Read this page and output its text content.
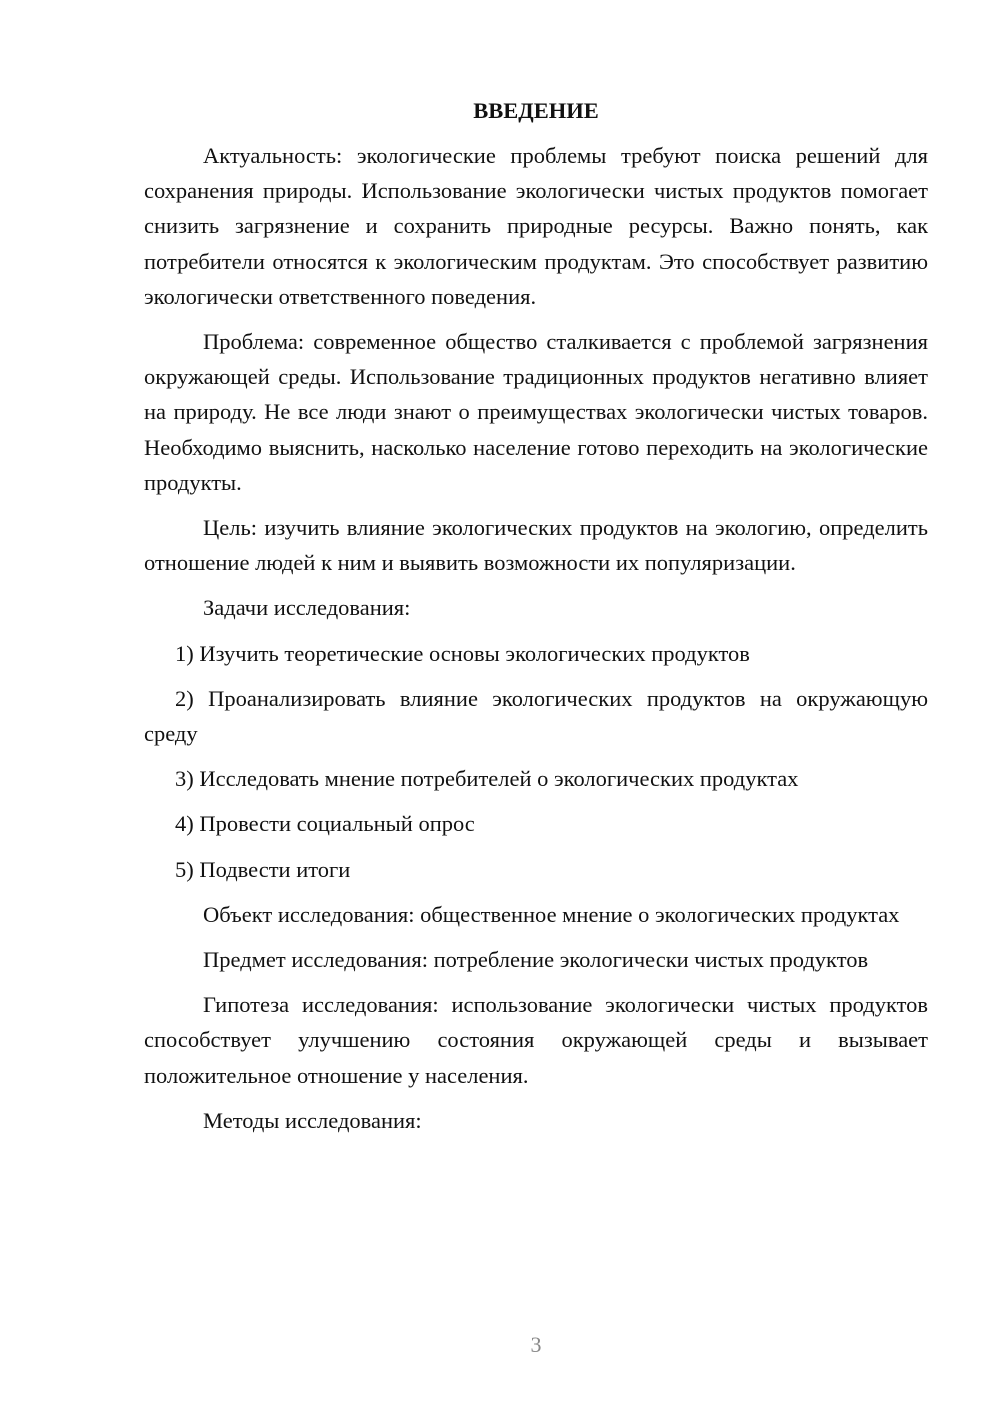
ВВЕДЕНИЕ

Актуальность: экологические проблемы требуют поиска решений для сохранения природы. Использование экологически чистых продуктов помогает снизить загрязнение и сохранить природные ресурсы. Важно понять, как потребители относятся к экологическим продуктам. Это способствует развитию экологически ответственного поведения.

Проблема: современное общество сталкивается с проблемой загрязнения окружающей среды. Использование традиционных продуктов негативно влияет на природу. Не все люди знают о преимуществах экологически чистых товаров. Необходимо выяснить, насколько население готово переходить на экологические продукты.

Цель: изучить влияние экологических продуктов на экологию, определить отношение людей к ним и выявить возможности их популяризации.

Задачи исследования:

1) Изучить теоретические основы экологических продуктов

2) Проанализировать влияние экологических продуктов на окружающую среду

3) Исследовать мнение потребителей о экологических продуктах

4) Провести социальный опрос

5) Подвести итоги

Объект исследования: общественное мнение о экологических продуктах

Предмет исследования: потребление экологически чистых продуктов

Гипотеза исследования: использование экологически чистых продуктов способствует улучшению состояния окружающей среды и вызывает положительное отношение у населения.

Методы исследования:

3
